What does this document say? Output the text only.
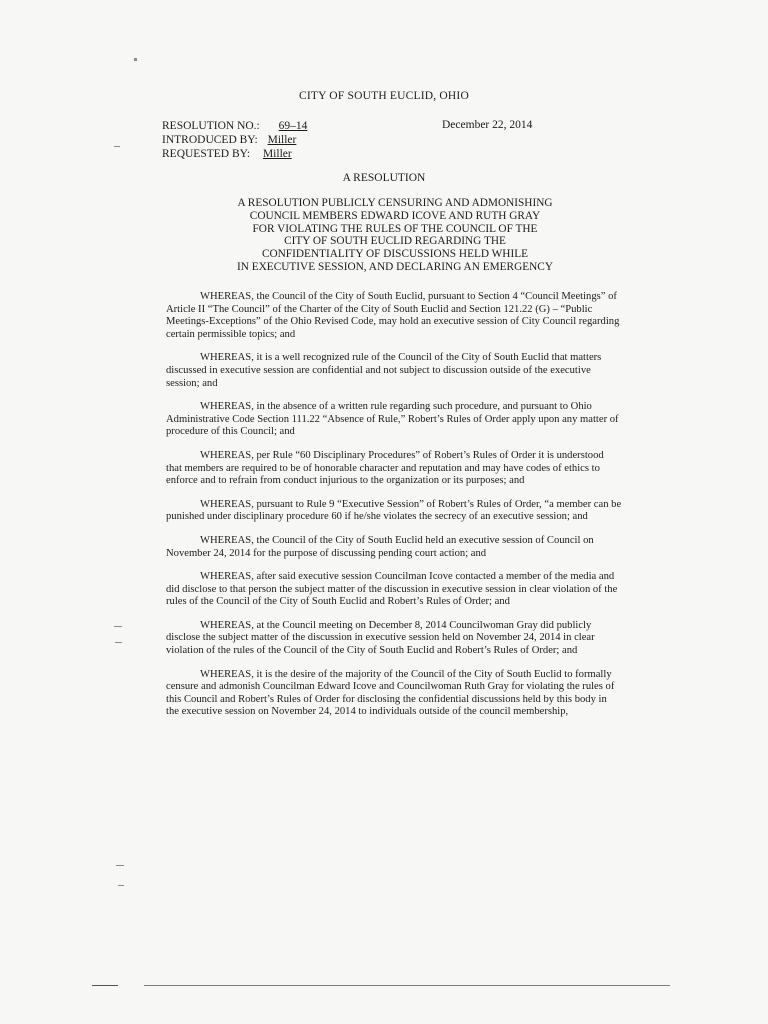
CITY OF SOUTH EUCLID, OHIO
RESOLUTION NO.: 69–14
INTRODUCED BY: Miller
REQUESTED BY: Miller
December 22, 2014
A RESOLUTION
A RESOLUTION PUBLICLY CENSURING AND ADMONISHING
COUNCIL MEMBERS EDWARD ICOVE AND RUTH GRAY
FOR VIOLATING THE RULES OF THE COUNCIL OF THE
CITY OF SOUTH EUCLID REGARDING THE
CONFIDENTIALITY OF DISCUSSIONS HELD WHILE
IN EXECUTIVE SESSION, AND DECLARING AN EMERGENCY

WHEREAS, the Council of the City of South Euclid, pursuant to Section 4 “Council Meetings” of Article II “The Council” of the Charter of the City of South Euclid and Section 121.22 (G) – “Public Meetings-Exceptions” of the Ohio Revised Code, may hold an executive session of City Council regarding certain permissible topics; and

WHEREAS, it is a well recognized rule of the Council of the City of South Euclid that matters discussed in executive session are confidential and not subject to discussion outside of the executive session; and

WHEREAS, in the absence of a written rule regarding such procedure, and pursuant to Ohio Administrative Code Section 111.22 “Absence of Rule,” Robert’s Rules of Order apply upon any matter of procedure of this Council; and

WHEREAS, per Rule “60 Disciplinary Procedures” of Robert’s Rules of Order it is understood that members are required to be of honorable character and reputation and may have codes of ethics to enforce and to refrain from conduct injurious to the organization or its purposes; and

WHEREAS, pursuant to Rule 9 “Executive Session” of Robert’s Rules of Order, “a member can be punished under disciplinary procedure 60 if he/she violates the secrecy of an executive session; and

WHEREAS, the Council of the City of South Euclid held an executive session of Council on November 24, 2014 for the purpose of discussing pending court action; and

WHEREAS, after said executive session Councilman Icove contacted a member of the media and did disclose to that person the subject matter of the discussion in executive session in clear violation of the rules of the Council of the City of South Euclid and Robert’s Rules of Order; and

WHEREAS, at the Council meeting on December 8, 2014 Councilwoman Gray did publicly disclose the subject matter of the discussion in executive session held on November 24, 2014 in clear violation of the rules of the Council of the City of South Euclid and Robert’s Rules of Order; and

WHEREAS, it is the desire of the majority of the Council of the City of South Euclid to formally censure and admonish Councilman Edward Icove and Councilwoman Ruth Gray for violating the rules of this Council and Robert’s Rules of Order for disclosing the confidential discussions held by this body in the executive session on November 24, 2014 to individuals outside of the council membership,
